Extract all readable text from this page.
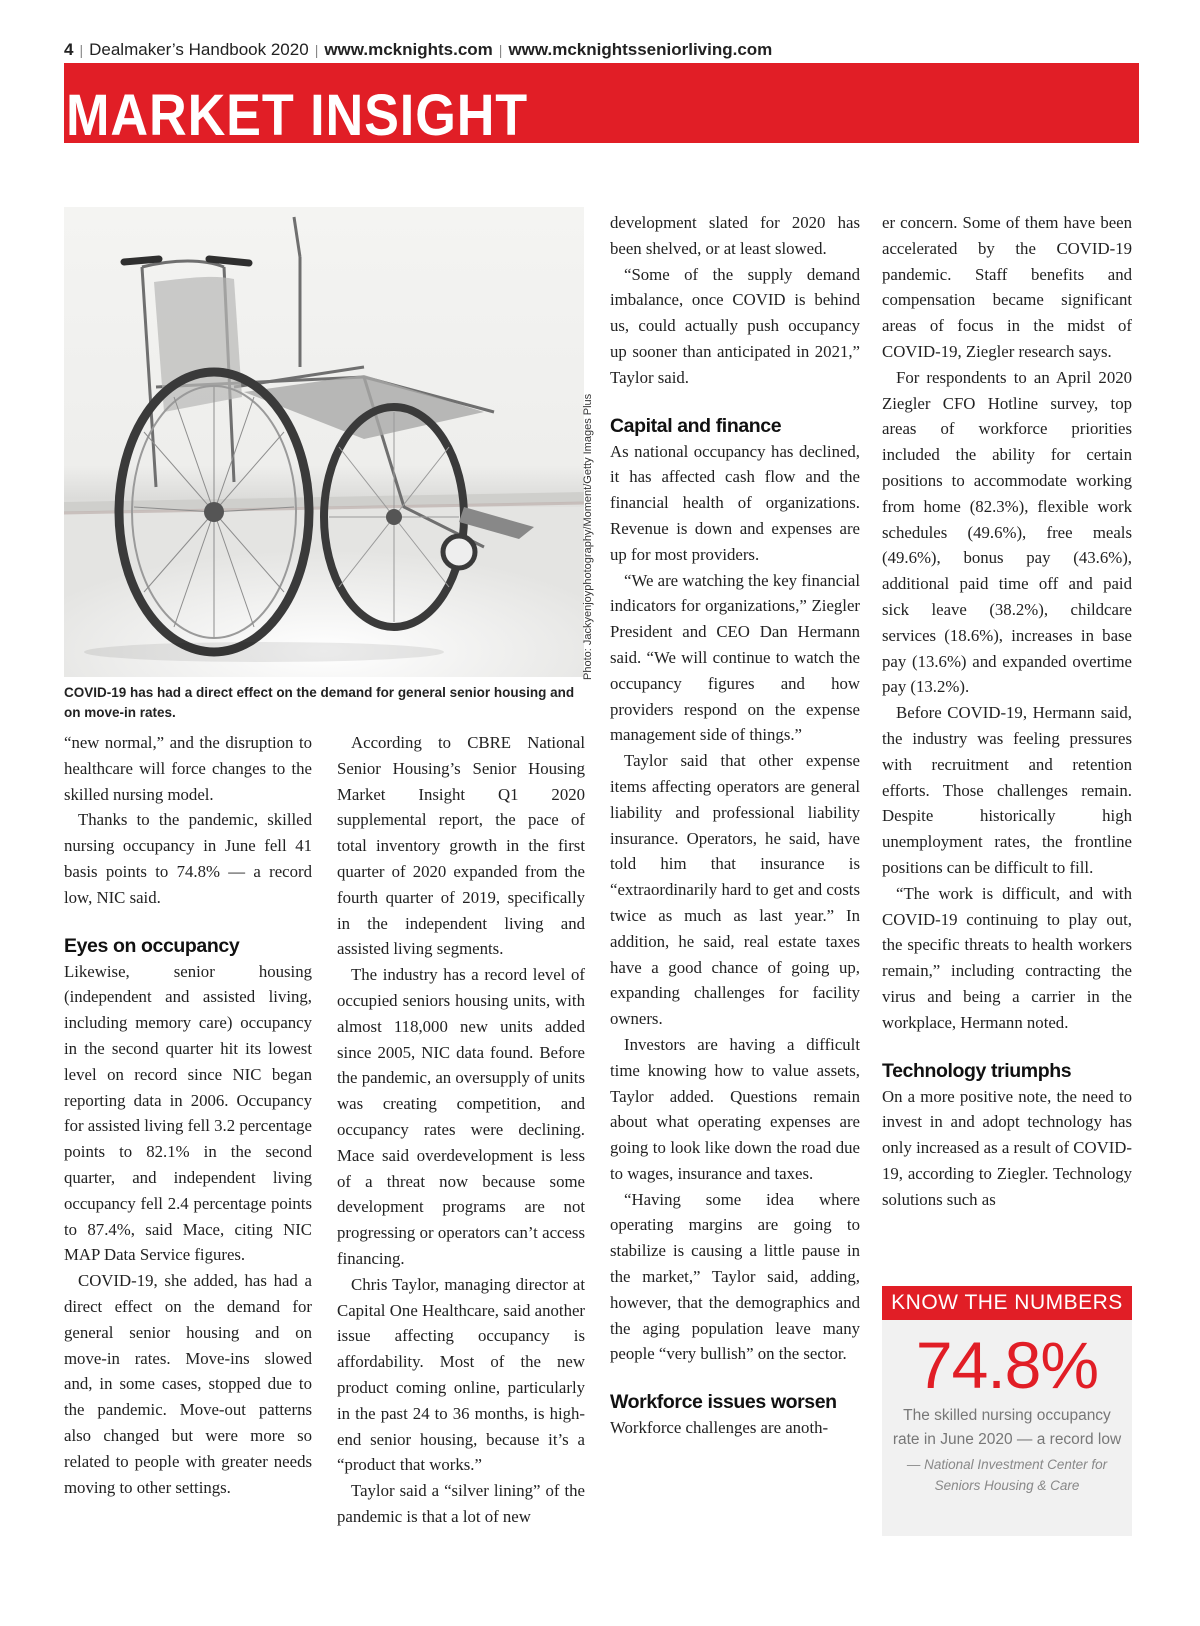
4 | Dealmaker’s Handbook 2020 | www.mcknights.com | www.mcknightsseniorliving.com
MARKET INSIGHT
Photo: Jackyenjoyphotography/Moment/Getty Images Plus
COVID-19 has had a direct effect on the demand for general senior housing and on move-in rates.

“new normal,” and the disruption to healthcare will force changes to the skilled nursing model.

Thanks to the pandemic, skilled nursing occupancy in June fell 41 basis points to 74.8% — a record low, NIC said.

Eyes on occupancy

Likewise, senior housing (independent and assisted living, including memory care) occupancy in the second quarter hit its lowest level on record since NIC began reporting data in 2006. Occupancy for assisted living fell 3.2 percentage points to 82.1% in the second quarter, and independent living occupancy fell 2.4 percentage points to 87.4%, said Mace, citing NIC MAP Data Service figures.

COVID-19, she added, has had a direct effect on the demand for general senior housing and on move-in rates. Move-ins slowed and, in some cases, stopped due to the pandemic. Move-out patterns also changed but were more so related to people with greater needs moving to other settings.

According to CBRE National Senior Housing’s Senior Housing Market Insight Q1 2020 supplemental report, the pace of total inventory growth in the first quarter of 2020 expanded from the fourth quarter of 2019, specifically in the independent living and assisted living segments.

The industry has a record level of occupied seniors housing units, with almost 118,000 new units added since 2005, NIC data found. Before the pandemic, an oversupply of units was creating competition, and occupancy rates were declining. Mace said overdevelopment is less of a threat now because some development programs are not progressing or operators can’t access financing.

Chris Taylor, managing director at Capital One Healthcare, said another issue affecting occupancy is affordability. Most of the new product coming online, particularly in the past 24 to 36 months, is high-end senior housing, because it’s a “product that works.”

Taylor said a “silver lining” of the pandemic is that a lot of new

development slated for 2020 has been shelved, or at least slowed.

“Some of the supply demand imbalance, once COVID is behind us, could actually push occupancy up sooner than anticipated in 2021,” Taylor said.

Capital and finance

As national occupancy has declined, it has affected cash flow and the financial health of organizations. Revenue is down and expenses are up for most providers.

“We are watching the key financial indicators for organizations,” Ziegler President and CEO Dan Hermann said. “We will continue to watch the occupancy figures and how providers respond on the expense management side of things.”

Taylor said that other expense items affecting operators are general liability and professional liability insurance. Operators, he said, have told him that insurance is “extraordinarily hard to get and costs twice as much as last year.” In addition, he said, real estate taxes have a good chance of going up, expanding challenges for facility owners.

Investors are having a difficult time knowing how to value assets, Taylor added. Questions remain about what operating expenses are going to look like down the road due to wages, insurance and taxes.

“Having some idea where operating margins are going to stabilize is causing a little pause in the market,” Taylor said, adding, however, that the demographics and the aging population leave many people “very bullish” on the sector.

Workforce issues worsen

Workforce challenges are anoth-

er concern. Some of them have been accelerated by the COVID-19 pandemic. Staff benefits and compensation became significant areas of focus in the midst of COVID-19, Ziegler research says.

For respondents to an April 2020 Ziegler CFO Hotline survey, top areas of workforce priorities included the ability for certain positions to accommodate working from home (82.3%), flexible work schedules (49.6%), free meals (49.6%), bonus pay (43.6%), additional paid time off and paid sick leave (38.2%), childcare services (18.6%), increases in base pay (13.6%) and expanded overtime pay (13.2%).

Before COVID-19, Hermann said, the industry was feeling pressures with recruitment and retention efforts. Those challenges remain. Despite historically high unemployment rates, the frontline positions can be difficult to fill.

“The work is difficult, and with COVID-19 continuing to play out, the specific threats to health workers remain,” including contracting the virus and being a carrier in the workplace, Hermann noted.

Technology triumphs

On a more positive note, the need to invest in and adopt technology has only increased as a result of COVID-19, according to Ziegler. Technology solutions such as

KNOW THE NUMBERS
74.8%
The skilled nursing occupancy rate in June 2020 — a record low
— National Investment Center for Seniors Housing & Care
